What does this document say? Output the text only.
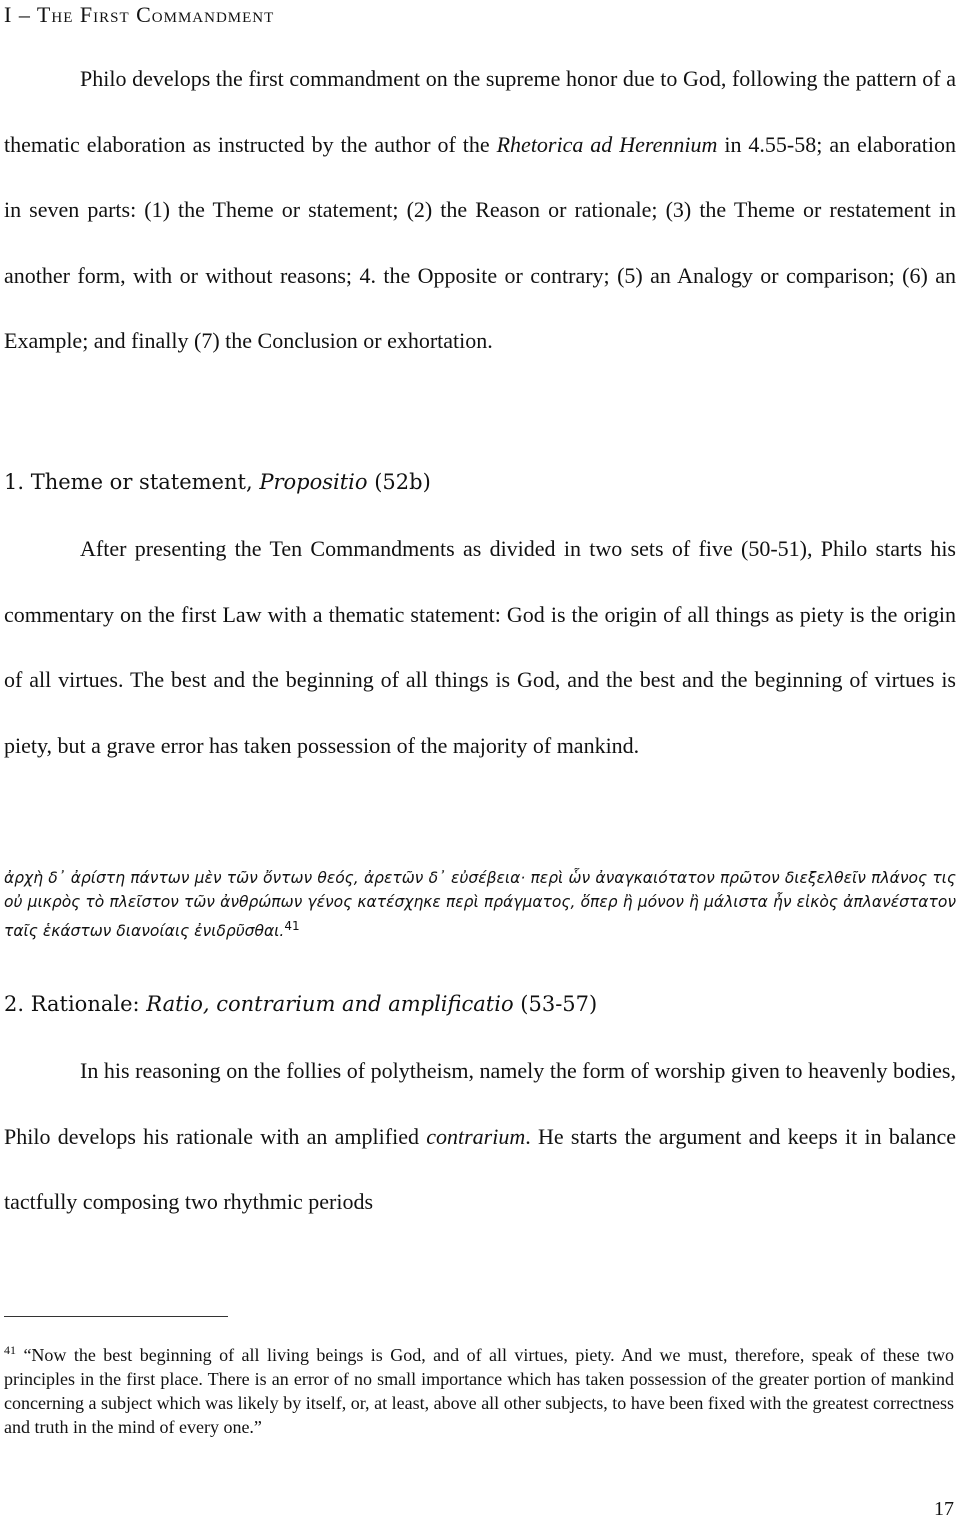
I – The First Commandment

Philo develops the first commandment on the supreme honor due to God, following the pattern of a thematic elaboration as instructed by the author of the Rhetorica ad Herennium in 4.55-58; an elaboration in seven parts: (1) the Theme or statement; (2) the Reason or rationale; (3) the Theme or restatement in another form, with or without reasons; 4. the Opposite or contrary; (5) an Analogy or comparison; (6) an Example; and finally (7) the Conclusion or exhortation.

1. Theme or statement, Propositio (52b)

After presenting the Ten Commandments as divided in two sets of five (50-51), Philo starts his commentary on the first Law with a thematic statement: God is the origin of all things as piety is the origin of all virtues. The best and the beginning of all things is God, and the best and the beginning of virtues is piety, but a grave error has taken possession of the majority of mankind.

ἀρχὴ δ᾽ ἀρίστη πάντων μὲν τῶν ὄντων θεός, ἀρετῶν δ᾽ εὐσέβεια· περὶ ὧν ἀναγκαιότατον πρῶτον διεξελθεῖν πλάνος τις οὐ μικρὸς τὸ πλεῖστον τῶν ἀνθρώπων γένος κατέσχηκε περὶ πράγματος, ὅπερ ἢ μόνον ἢ μάλιστα ἦν εἰκὸς ἀπλανέστατον ταῖς ἑκάστων διανοίαις ἐνιδρῦσθαι.$^{41}$

2. Rationale: Ratio, contrarium and amplificatio (53-57)

In his reasoning on the follies of polytheism, namely the form of worship given to heavenly bodies, Philo develops his rationale with an amplified contrarium. He starts the argument and keeps it in balance tactfully composing two rhythmic periods

$^{41}$ “Now the best beginning of all living beings is God, and of all virtues, piety. And we must, therefore, speak of these two principles in the first place. There is an error of no small importance which has taken possession of the greater portion of mankind concerning a subject which was likely by itself, or, at least, above all other subjects, to have been fixed with the greatest correctness and truth in the mind of every one.”

17
